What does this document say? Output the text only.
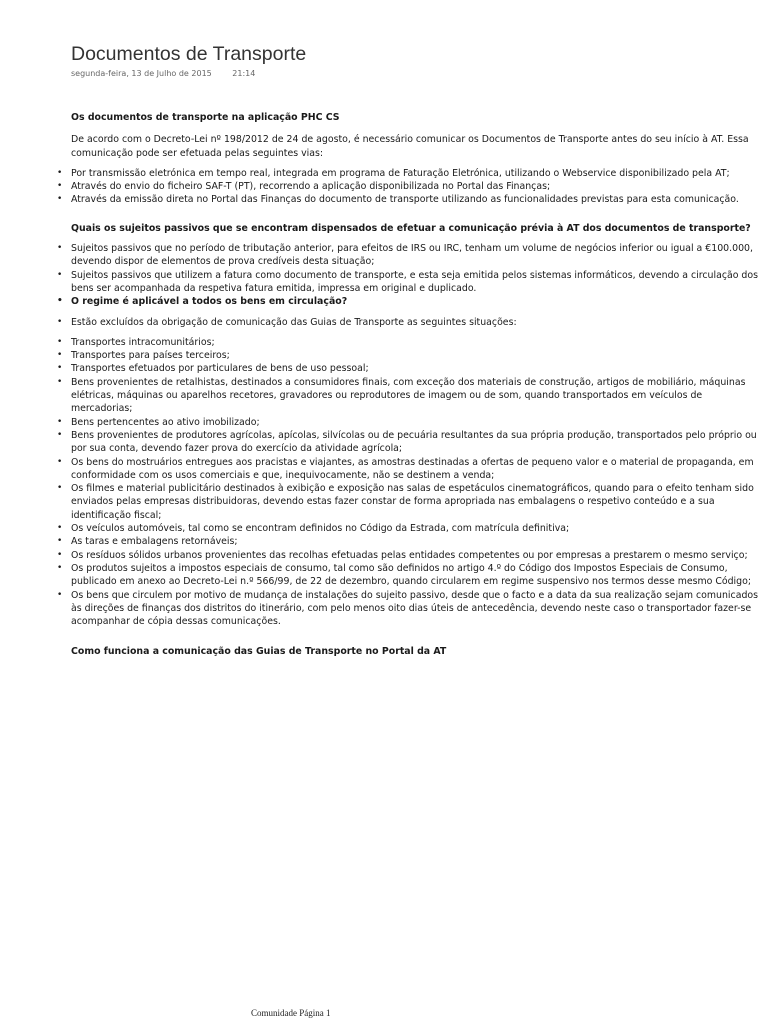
Documentos de Transporte
segunda-feira, 13 de Julho de 2015	21:14
Os documentos de transporte na aplicação PHC CS

De acordo com o Decreto-Lei nº 198/2012 de 24 de agosto, é necessário comunicar os Documentos de Transporte antes do seu início à AT. Essa comunicação pode ser efetuada pelas seguintes vias:

• Por transmissão eletrónica em tempo real, integrada em programa de Faturação Eletrónica, utilizando o Webservice disponibilizado pela AT;
• Através do envio do ficheiro SAF-T (PT), recorrendo a aplicação disponibilizada no Portal das Finanças;
• Através da emissão direta no Portal das Finanças do documento de transporte utilizando as funcionalidades previstas para esta comunicação.
Quais os sujeitos passivos que se encontram dispensados de efetuar a comunicação prévia à AT dos documentos de transporte?
• Sujeitos passivos que no período de tributação anterior, para efeitos de IRS ou IRC, tenham um volume de negócios inferior ou igual a €100.000, devendo dispor de elementos de prova credíveis desta situação;
• Sujeitos passivos que utilizem a fatura como documento de transporte, e esta seja emitida pelos sistemas informáticos, devendo a circulação dos bens ser acompanhada da respetiva fatura emitida, impressa em original e duplicado.
• O regime é aplicável a todos os bens em circulação?
• Estão excluídos da obrigação de comunicação das Guias de Transporte as seguintes situações:
• Transportes intracomunitários;
• Transportes para países terceiros;
• Transportes efetuados por particulares de bens de uso pessoal;
• Bens provenientes de retalhistas, destinados a consumidores finais, com exceção dos materiais de construção, artigos de mobiliário, máquinas elétricas, máquinas ou aparelhos recetores, gravadores ou reprodutores de imagem ou de som, quando transportados em veículos de mercadorias;
• Bens pertencentes ao ativo imobilizado;
• Bens provenientes de produtores agrícolas, apícolas, silvícolas ou de pecuária resultantes da sua própria produção, transportados pelo próprio ou por sua conta, devendo fazer prova do exercício da atividade agrícola;
• Os bens do mostruários entregues aos pracistas e viajantes, as amostras destinadas a ofertas de pequeno valor e o material de propaganda, em conformidade com os usos comerciais e que, inequivocamente, não se destinem a venda;
• Os filmes e material publicitário destinados à exibição e exposição nas salas de espetáculos cinematográficos, quando para o efeito tenham sido enviados pelas empresas distribuidoras, devendo estas fazer constar de forma apropriada nas embalagens o respetivo conteúdo e a sua identificação fiscal;
• Os veículos automóveis, tal como se encontram definidos no Código da Estrada, com matrícula definitiva;
• As taras e embalagens retornáveis;
• Os resíduos sólidos urbanos provenientes das recolhas efetuadas pelas entidades competentes ou por empresas a prestarem o mesmo serviço;
• Os produtos sujeitos a impostos especiais de consumo, tal como são definidos no artigo 4.º do Código dos Impostos Especiais de Consumo, publicado em anexo ao Decreto-Lei n.º 566/99, de 22 de dezembro, quando circularem em regime suspensivo nos termos desse mesmo Código;
• Os bens que circulem por motivo de mudança de instalações do sujeito passivo, desde que o facto e a data da sua realização sejam comunicados às direções de finanças dos distritos do itinerário, com pelo menos oito dias úteis de antecedência, devendo neste caso o transportador fazer-se acompanhar de cópia dessas comunicações.
Como funciona a comunicação das Guias de Transporte no Portal da AT
Comunidade Página 1
